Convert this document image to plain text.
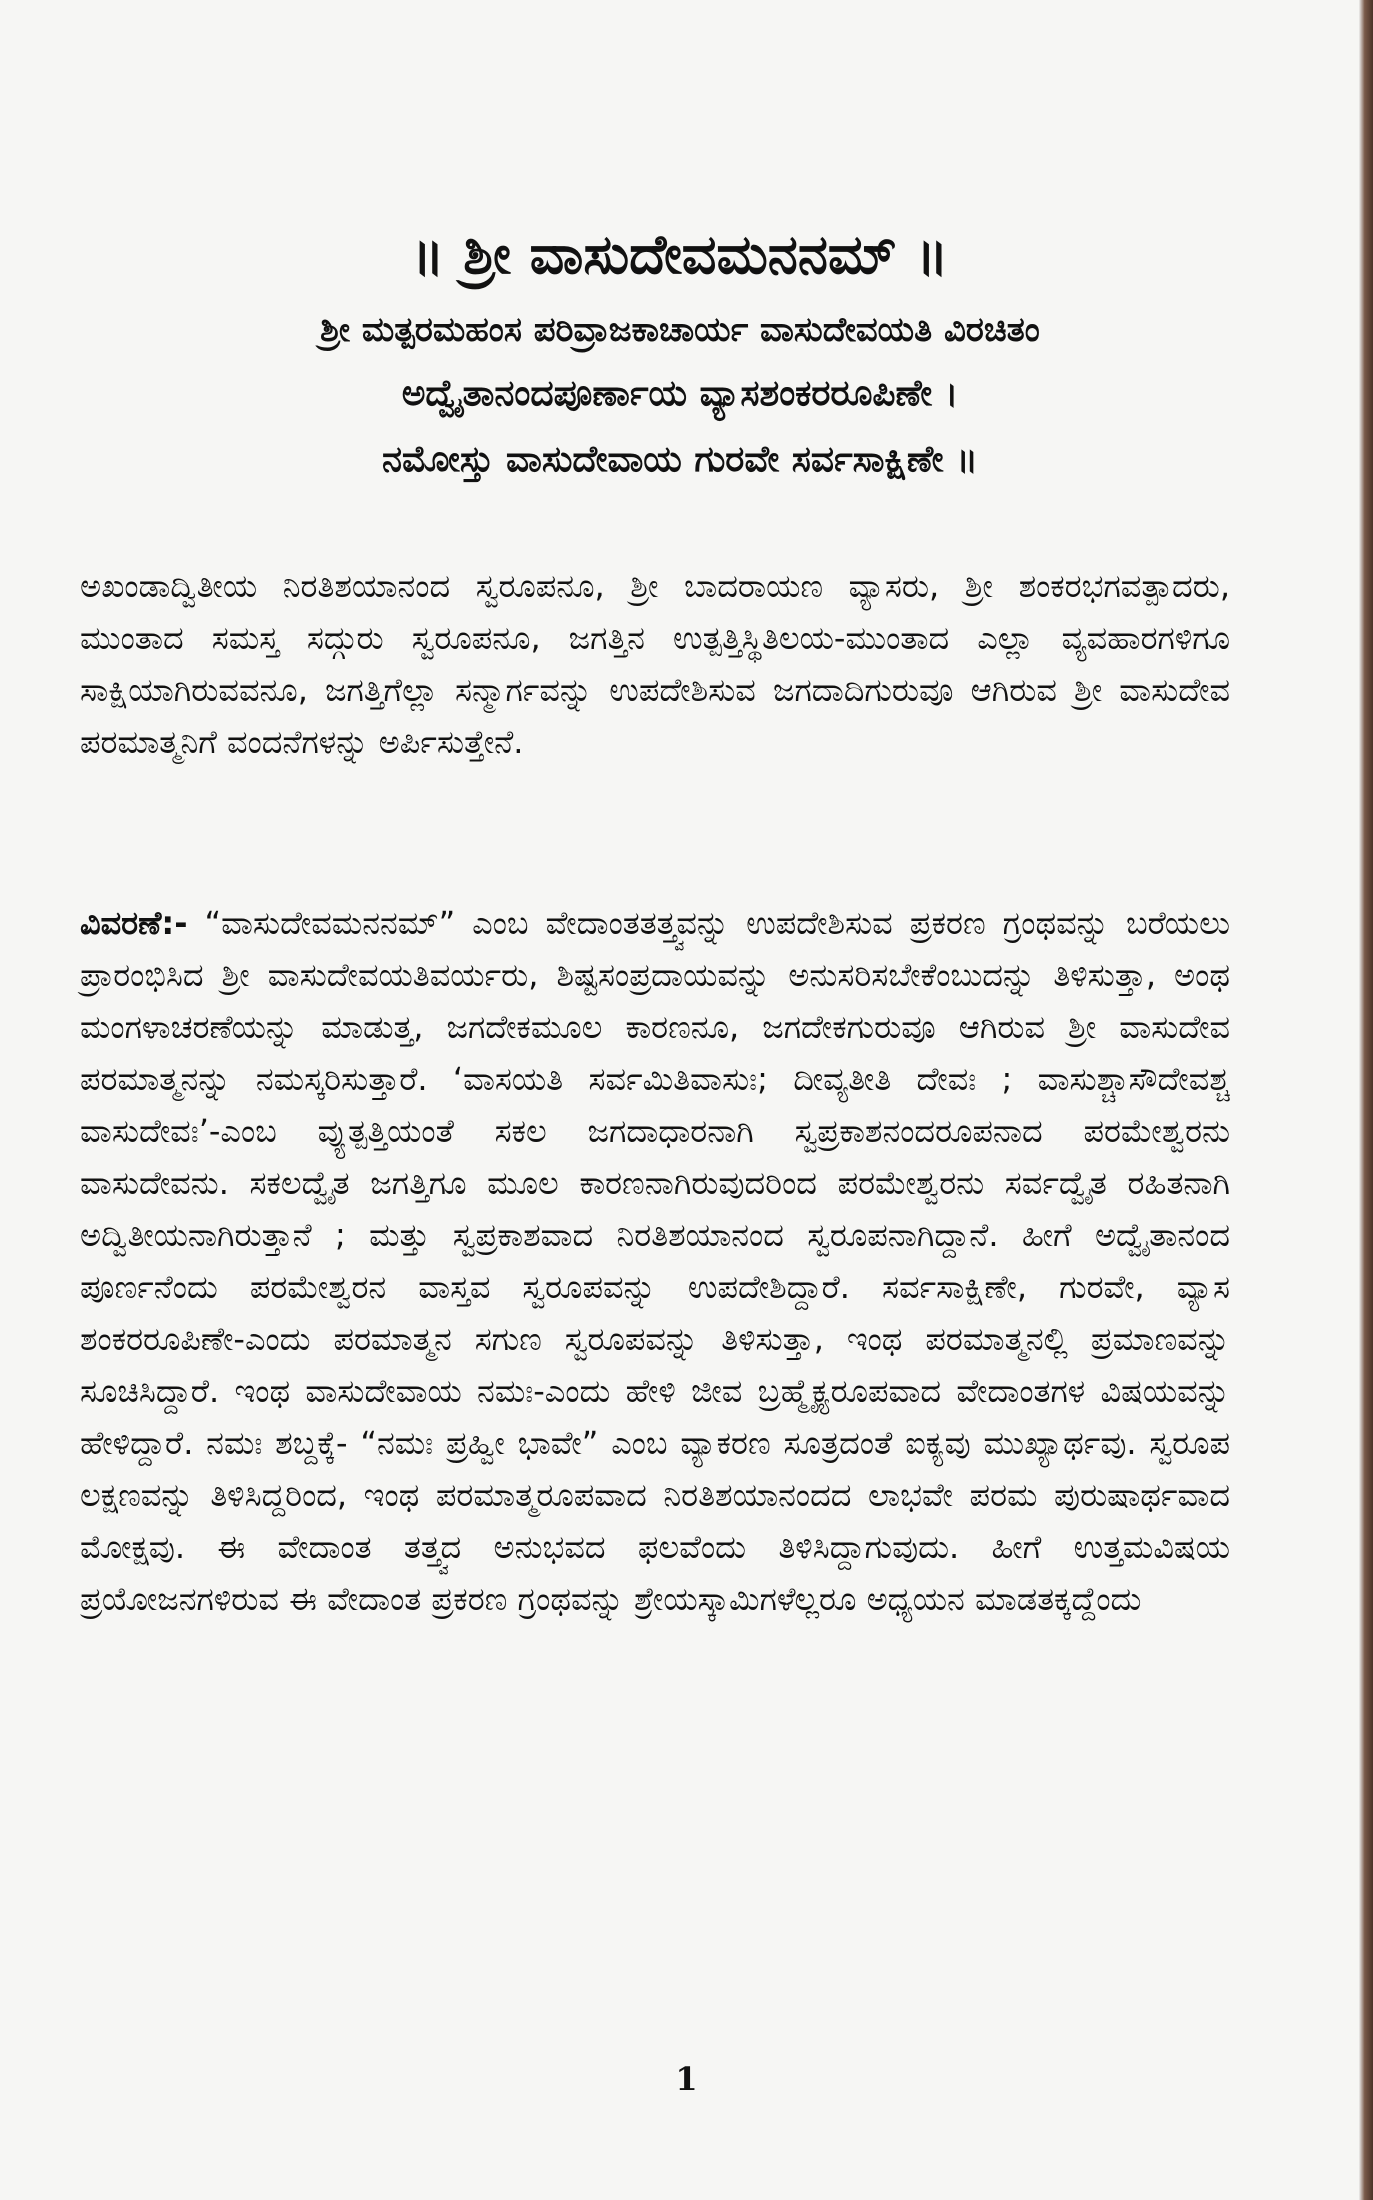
॥ ಶ್ರೀ ವಾಸುದೇವಮನನಮ್ ॥
ಶ್ರೀ ಮತ್ಪರಮಹಂಸ ಪರಿವ್ರಾಜಕಾಚಾರ್ಯ ವಾಸುದೇವಯತಿ ವಿರಚಿತಂ
ಅದ್ವೈತಾನಂದಪೂರ್ಣಾಯ ವ್ಯಾಸಶಂಕರರೂಪಿಣೇ ।
ನಮೋಸ್ತು ವಾಸುದೇವಾಯ ಗುರವೇ ಸರ್ವಸಾಕ್ಷಿಣೇ ॥

ಅಖಂಡಾದ್ವಿತೀಯ ನಿರತಿಶಯಾನಂದ ಸ್ವರೂಪನೂ, ಶ್ರೀ ಬಾದರಾಯಣ ವ್ಯಾಸರು, ಶ್ರೀ ಶಂಕರಭಗವತ್ಪಾದರು, ಮುಂತಾದ ಸಮಸ್ತ ಸದ್ಗುರು ಸ್ವರೂಪನೂ, ಜಗತ್ತಿನ ಉತ್ಪತ್ತಿಸ್ಥಿತಿಲಯ-ಮುಂತಾದ ಎಲ್ಲಾ ವ್ಯವಹಾರಗಳಿಗೂ ಸಾಕ್ಷಿಯಾಗಿರುವವನೂ, ಜಗತ್ತಿಗೆಲ್ಲಾ ಸನ್ಮಾರ್ಗವನ್ನು ಉಪದೇಶಿಸುವ ಜಗದಾದಿಗುರುವೂ ಆಗಿರುವ ಶ್ರೀ ವಾಸುದೇವ ಪರಮಾತ್ಮನಿಗೆ ವಂದನೆಗಳನ್ನು ಅರ್ಪಿಸುತ್ತೇನೆ.

ವಿವರಣೆ:- “ವಾಸುದೇವಮನನಮ್” ಎಂಬ ವೇದಾಂತತತ್ತ್ವವನ್ನು ಉಪದೇಶಿಸುವ ಪ್ರಕರಣ ಗ್ರಂಥವನ್ನು ಬರೆಯಲು ಪ್ರಾರಂಭಿಸಿದ ಶ್ರೀ ವಾಸುದೇವಯತಿವರ್ಯರು, ಶಿಷ್ಟಸಂಪ್ರದಾಯವನ್ನು ಅನುಸರಿಸಬೇಕೆಂಬುದನ್ನು ತಿಳಿಸುತ್ತಾ, ಅಂಥ ಮಂಗಳಾಚರಣೆಯನ್ನು ಮಾಡುತ್ತ, ಜಗದೇಕಮೂಲ ಕಾರಣನೂ, ಜಗದೇಕಗುರುವೂ ಆಗಿರುವ ಶ್ರೀ ವಾಸುದೇವ ಪರಮಾತ್ಮನನ್ನು ನಮಸ್ಕರಿಸುತ್ತಾರೆ. ‘ವಾಸಯತಿ ಸರ್ವಮಿತಿವಾಸುಃ; ದೀವ್ಯತೀತಿ ದೇವಃ ; ವಾಸುಶ್ಚಾಸೌದೇವಶ್ಚ ವಾಸುದೇವಃ’-ಎಂಬ ವ್ಯುತ್ಪತ್ತಿಯಂತೆ ಸಕಲ ಜಗದಾಧಾರನಾಗಿ ಸ್ವಪ್ರಕಾಶನಂದರೂಪನಾದ ಪರಮೇಶ್ವರನು ವಾಸುದೇವನು. ಸಕಲದ್ವೈತ ಜಗತ್ತಿಗೂ ಮೂಲ ಕಾರಣನಾಗಿರುವುದರಿಂದ ಪರಮೇಶ್ವರನು ಸರ್ವದ್ವೈತ ರಹಿತನಾಗಿ ಅದ್ವಿತೀಯನಾಗಿರುತ್ತಾನೆ ; ಮತ್ತು ಸ್ವಪ್ರಕಾಶವಾದ ನಿರತಿಶಯಾನಂದ ಸ್ವರೂಪನಾಗಿದ್ದಾನೆ. ಹೀಗೆ ಅದ್ವೈತಾನಂದ ಪೂರ್ಣನೆಂದು ಪರಮೇಶ್ವರನ ವಾಸ್ತವ ಸ್ವರೂಪವನ್ನು ಉಪದೇಶಿದ್ದಾರೆ. ಸರ್ವಸಾಕ್ಷಿಣೇ, ಗುರವೇ, ವ್ಯಾಸ ಶಂಕರರೂಪಿಣೇ-ಎಂದು ಪರಮಾತ್ಮನ ಸಗುಣ ಸ್ವರೂಪವನ್ನು ತಿಳಿಸುತ್ತಾ, ಇಂಥ ಪರಮಾತ್ಮನಲ್ಲಿ ಪ್ರಮಾಣವನ್ನು ಸೂಚಿಸಿದ್ದಾರೆ. ಇಂಥ ವಾಸುದೇವಾಯ ನಮಃ-ಎಂದು ಹೇಳಿ ಜೀವ ಬ್ರಹ್ಮೈಕ್ಯರೂಪವಾದ ವೇದಾಂತಗಳ ವಿಷಯವನ್ನು ಹೇಳಿದ್ದಾರೆ. ನಮಃ ಶಬ್ದಕ್ಕೆ- “ನಮಃ ಪ್ರಹ್ವೀ ಭಾವೇ” ಎಂಬ ವ್ಯಾಕರಣ ಸೂತ್ರದಂತೆ ಐಕ್ಯವು ಮುಖ್ಯಾರ್ಥವು. ಸ್ವರೂಪ ಲಕ್ಷಣವನ್ನು ತಿಳಿಸಿದ್ದರಿಂದ, ಇಂಥ ಪರಮಾತ್ಮರೂಪವಾದ ನಿರತಿಶಯಾನಂದದ ಲಾಭವೇ ಪರಮ ಪುರುಷಾರ್ಥವಾದ ಮೋಕ್ಷವು. ಈ ವೇದಾಂತ ತತ್ತ್ವದ ಅನುಭವದ ಫಲವೆಂದು ತಿಳಿಸಿದ್ದಾಗುವುದು. ಹೀಗೆ ಉತ್ತಮವಿಷಯ ಪ್ರಯೋಜನಗಳಿರುವ ಈ ವೇದಾಂತ ಪ್ರಕರಣ ಗ್ರಂಥವನ್ನು ಶ್ರೇಯಸ್ಕಾಮಿಗಳೆಲ್ಲರೂ ಅಧ್ಯಯನ ಮಾಡತಕ್ಕದ್ದೆಂದು

1
